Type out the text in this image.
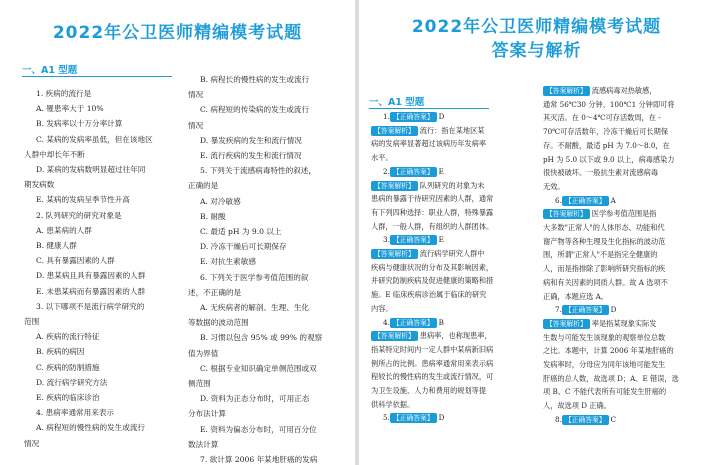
2022年公卫医师精编模考试题
一、A1 型题

1. 疾病的流行是

A. 罹患率大于 10%

B. 发病率以十万分率计算

C. 某病的发病率虽低，但在该地区

人群中却长年不断

D. 某病的发病数明显超过往年同

期发病数

E. 某病的发病呈季节性升高

2. 队列研究的研究对象是

A. 患某病的人群

B. 健康人群

C. 具有暴露因素的人群

D. 患某病且具有暴露因素的人群

E. 未患某病而有暴露因素的人群

3. 以下哪项不是流行病学研究的

范围

A. 疾病的流行特征

B. 疾病的病因

C. 疾病的防制措施

D. 流行病学研究方法

E. 疾病的临床诊治

4. 患病率通常用来表示

A. 病程短的慢性病的发生或流行

情况

B. 病程长的慢性病的发生或流行

情况

C. 病程短的传染病的发生或流行

情况

D. 暴发疾病的发生和流行情况

E. 流行疾病的发生和流行情况

5. 下列关于流感病毒特性的叙述，

正确的是

A. 对冷敏感

B. 耐酸

C. 最适 pH 为 9.0 以上

D. 冷冻干燥后可长期保存

E. 对抗生素敏感

6. 下列关于医学参考值范围的叙

述，不正确的是

A. 无疾病者的解剖、生理、生化

等数据的波动范围

B. 习惯以包含 95% 或 99% 的观察

值为界值

C. 根据专业知识确定单侧范围或双

侧范围

D. 资料为正态分布时，可用正态

分布法计算

E. 资料为偏态分布时，可用百分位

数法计算

7. 欲计算 2006 年某地肝癌的发病

2022年公卫医师精编模考试题
答案与解析
一、A1 型题

1. 【正确答案】 D

【答案解析】 流行：指在某地区某

病的发病率显著超过该病历年发病率

水平。

2. 【正确答案】 E

【答案解析】 队列研究的对象为未

患病的暴露于待研究因素的人群，通常

有下列四种选择：职业人群，特殊暴露

人群，一般人群，有组织的人群团体。

3. 【正确答案】 E

【答案解析】 流行病学研究人群中

疾病与健康状况的分布及其影响因素，

并研究防制疾病及促进健康的策略和措

施。E 临床疾病诊治属于临床的研究

内容。

4. 【正确答案】 B

【答案解析】 患病率，也称现患率，

指某特定时间内一定人群中某病新旧病

例所占的比例。患病率通常用来表示病

程较长的慢性病的发生或流行情况，可

为卫生设施、人力和费用的规划等提

供科学依据。

5. 【正确答案】 D

【答案解析】 流感病毒对热敏感，

通常 56℃30 分钟、100℃1 分钟即可将

其灭活。在 0～4℃可存活数周，在 -

70℃可存活数年，冷冻干燥后可长期保

存。不耐酸，最适 pH 为 7.0～8.0，在

pH 为 5.0 以下或 9.0 以上，病毒感染力

很快被破坏。一般抗生素对流感病毒

无效。

6. 【正确答案】 A

【答案解析】 医学参考值范围是指

大多数"正常人"的人体形态、功能和代

谢产物等各种生理及生化指标的波动范

围，所谓"正常人"不是指完全健康的

人，而是指排除了影响所研究指标的疾

病和有关因素的同质人群。故 A 选项不

正确，本题应选 A。

7. 【正确答案】 D

【答案解析】 率是指某现象实际发

生数与可能发生该现象的观察单位总数

之比。本题中，计算 2006 年某地肝癌的

发病率时，分母应为同年该地可能发生

肝癌的总人数，故选项 D；A、E 错误，选

项 B、C 不能代表所有可能发生肝癌的

人，故选项 D 正确。

8. 【正确答案】 C
